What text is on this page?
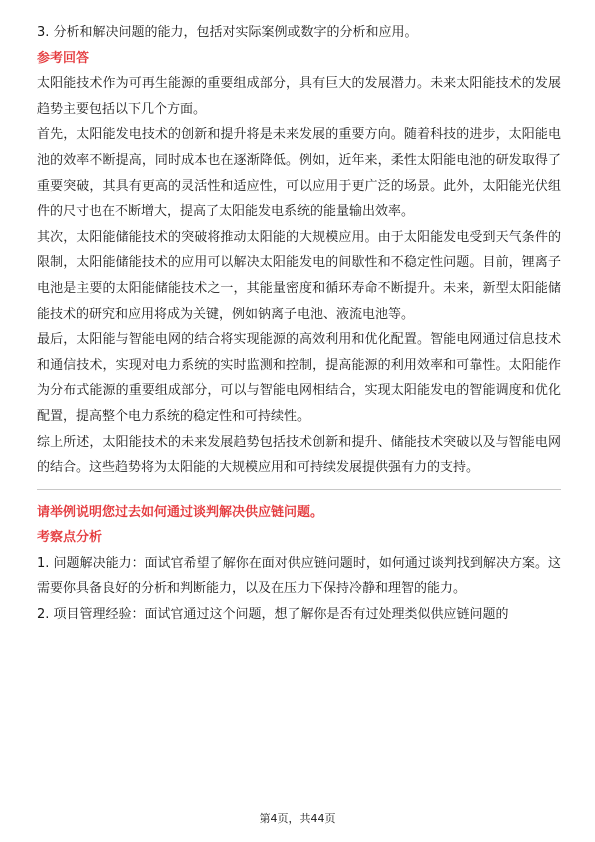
3. 分析和解决问题的能力，包括对实际案例或数字的分析和应用。

参考回答

太阳能技术作为可再生能源的重要组成部分，具有巨大的发展潜力。未来太阳能技术的发展趋势主要包括以下几个方面。

首先，太阳能发电技术的创新和提升将是未来发展的重要方向。随着科技的进步，太阳能电池的效率不断提高，同时成本也在逐渐降低。例如，近年来，柔性太阳能电池的研发取得了重要突破，其具有更高的灵活性和适应性，可以应用于更广泛的场景。此外，太阳能光伏组件的尺寸也在不断增大，提高了太阳能发电系统的能量输出效率。

其次，太阳能储能技术的突破将推动太阳能的大规模应用。由于太阳能发电受到天气条件的限制，太阳能储能技术的应用可以解决太阳能发电的间歇性和不稳定性问题。目前，锂离子电池是主要的太阳能储能技术之一，其能量密度和循环寿命不断提升。未来，新型太阳能储能技术的研究和应用将成为关键，例如钠离子电池、液流电池等。

最后，太阳能与智能电网的结合将实现能源的高效利用和优化配置。智能电网通过信息技术和通信技术，实现对电力系统的实时监测和控制，提高能源的利用效率和可靠性。太阳能作为分布式能源的重要组成部分，可以与智能电网相结合，实现太阳能发电的智能调度和优化配置，提高整个电力系统的稳定性和可持续性。

综上所述，太阳能技术的未来发展趋势包括技术创新和提升、储能技术突破以及与智能电网的结合。这些趋势将为太阳能的大规模应用和可持续发展提供强有力的支持。

请举例说明您过去如何通过谈判解决供应链问题。

考察点分析

1. 问题解决能力：面试官希望了解你在面对供应链问题时，如何通过谈判找到解决方案。这需要你具备良好的分析和判断能力，以及在压力下保持冷静和理智的能力。

2. 项目管理经验：面试官通过这个问题，想了解你是否有过处理类似供应链问题的

第4页，共44页
